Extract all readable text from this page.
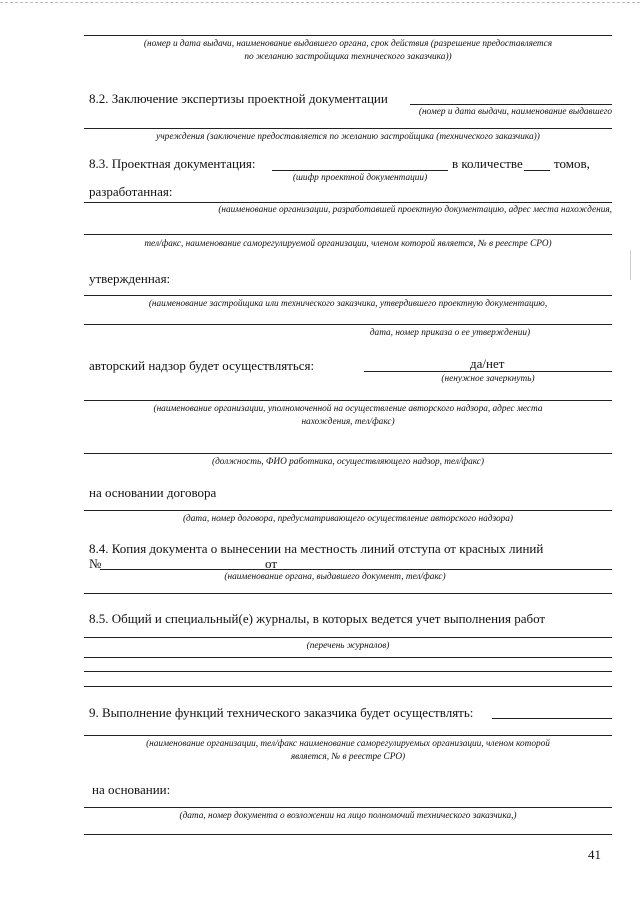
(номер и дата выдачи, наименование выдавшего органа, срок действия (разрешение предоставляется
по желанию застройщика технического заказчика))
8.2. Заключение экспертизы проектной документации
(номер и дата выдачи, наименование выдавшего
учреждения (заключение предоставляется по желанию застройщика (технического заказчика))
8.3. Проектная документация:	в количестве томов,
(шифр проектной документации)
разработанная:
(наименование организации, разработавшей проектную документацию, адрес места нахождения,
тел/факс, наименование саморегулируемой организации, членом которой является, № в реестре СРО)
утвержденная:
(наименование застройщика или технического заказчика, утвердившего проектную документацию,
дата, номер приказа о ее утверждении)
авторский надзор будет осуществляться:	да/нет
(ненужное зачеркнуть)
(наименование организации, уполномоченной на осуществление авторского надзора, адрес места
нахождения, тел/факс)
(должность, ФИО работника, осуществляющего надзор, тел/факс)
на основании договора
(дата, номер договора, предусматривающего осуществление авторского надзора)
8.4. Копия документа о вынесении на местность линий отступа от красных линий
№	от
(наименование органа, выдавшего документ, тел/факс)
8.5. Общий и специальный(е) журналы, в которых ведется учет выполнения работ
(перечень журналов)
9. Выполнение функций технического заказчика будет осуществлять:
(наименование организации, тел/факс наименование саморегулируемых организации, членом которой
является, № в реестре СРО)
на основании:
(дата, номер документа о возложении на лицо полномочий технического заказчика,)
41
